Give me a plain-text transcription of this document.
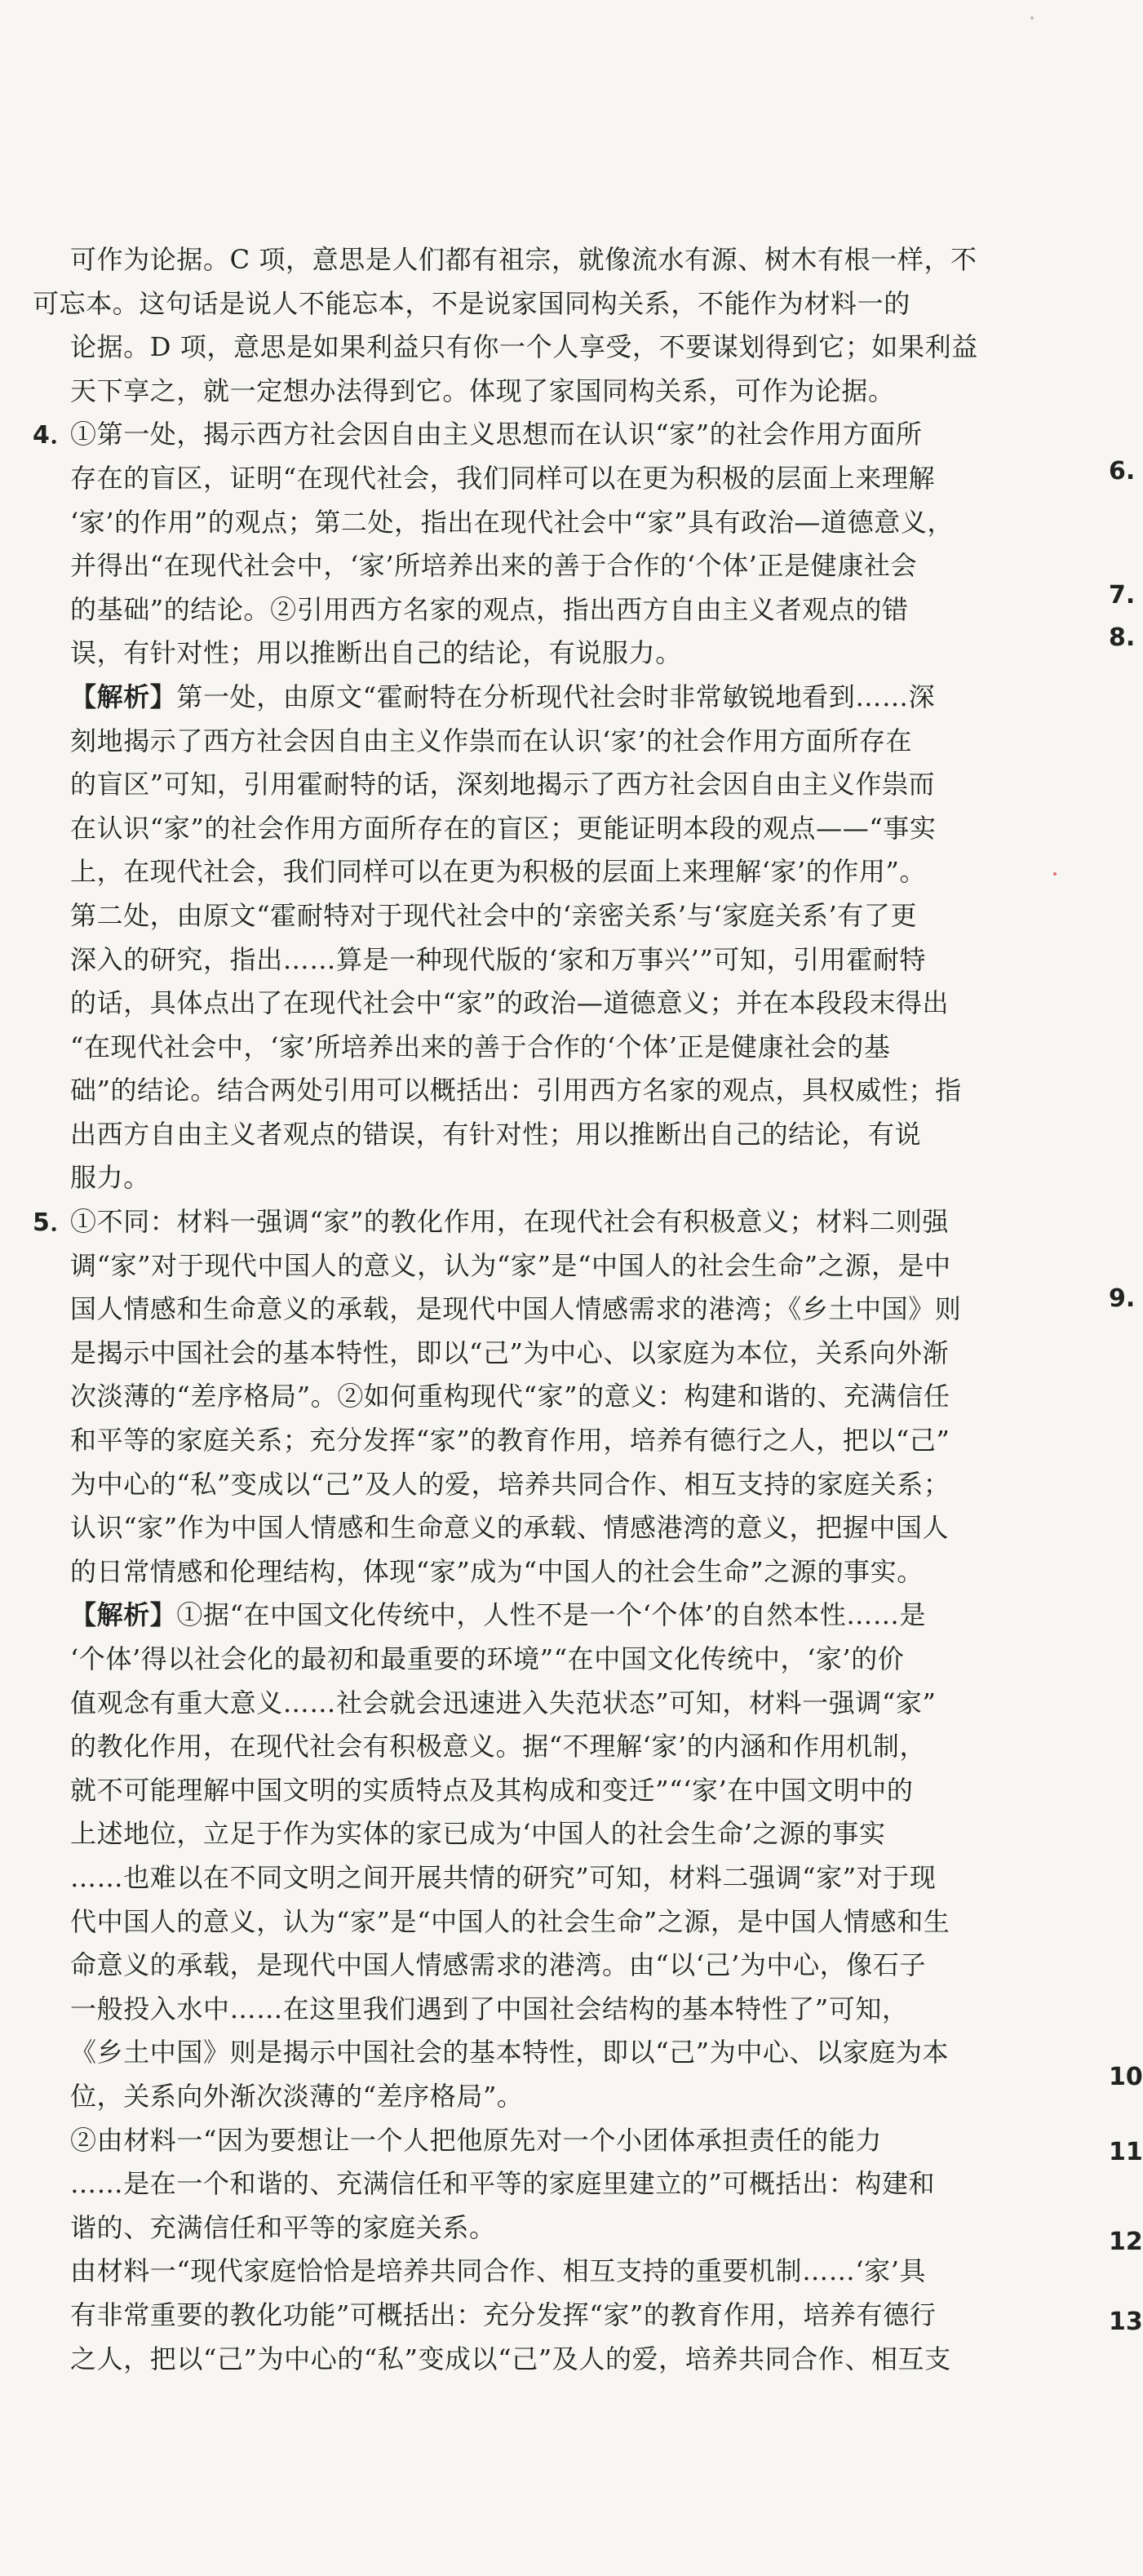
可作为论据。C 项，意思是人们都有祖宗，就像流水有源、树木有根一样，不
可忘本。这句话是说人不能忘本，不是说家国同构关系，不能作为材料一的
论据。D 项，意思是如果利益只有你一个人享受，不要谋划得到它；如果利益
天下享之，就一定想办法得到它。体现了家国同构关系，可作为论据。
4．①第一处，揭示西方社会因自由主义思想而在认识“家”的社会作用方面所
存在的盲区，证明“在现代社会，我们同样可以在更为积极的层面上来理解
‘家’的作用”的观点；第二处，指出在现代社会中“家”具有政治—道德意义，
并得出“在现代社会中，‘家’所培养出来的善于合作的‘个体’正是健康社会
的基础”的结论。②引用西方名家的观点，指出西方自由主义者观点的错
误，有针对性；用以推断出自己的结论，有说服力。
【解析】第一处，由原文“霍耐特在分析现代社会时非常敏锐地看到……深
刻地揭示了西方社会因自由主义作祟而在认识‘家’的社会作用方面所存在
的盲区”可知，引用霍耐特的话，深刻地揭示了西方社会因自由主义作祟而
在认识“家”的社会作用方面所存在的盲区；更能证明本段的观点——“事实
上，在现代社会，我们同样可以在更为积极的层面上来理解‘家’的作用”。
第二处，由原文“霍耐特对于现代社会中的‘亲密关系’与‘家庭关系’有了更
深入的研究，指出……算是一种现代版的‘家和万事兴’”可知，引用霍耐特
的话，具体点出了在现代社会中“家”的政治—道德意义；并在本段段末得出
“在现代社会中，‘家’所培养出来的善于合作的‘个体’正是健康社会的基
础”的结论。结合两处引用可以概括出：引用西方名家的观点，具权威性；指
出西方自由主义者观点的错误，有针对性；用以推断出自己的结论，有说
服力。
5．①不同：材料一强调“家”的教化作用，在现代社会有积极意义；材料二则强
调“家”对于现代中国人的意义，认为“家”是“中国人的社会生命”之源，是中
国人情感和生命意义的承载，是现代中国人情感需求的港湾；《乡土中国》则
是揭示中国社会的基本特性，即以“己”为中心、以家庭为本位，关系向外渐
次淡薄的“差序格局”。②如何重构现代“家”的意义：构建和谐的、充满信任
和平等的家庭关系；充分发挥“家”的教育作用，培养有德行之人，把以“己”
为中心的“私”变成以“己”及人的爱，培养共同合作、相互支持的家庭关系；
认识“家”作为中国人情感和生命意义的承载、情感港湾的意义，把握中国人
的日常情感和伦理结构，体现“家”成为“中国人的社会生命”之源的事实。
【解析】①据“在中国文化传统中，人性不是一个‘个体’的自然本性……是
‘个体’得以社会化的最初和最重要的环境”“在中国文化传统中，‘家’的价
值观念有重大意义……社会就会迅速进入失范状态”可知，材料一强调“家”
的教化作用，在现代社会有积极意义。据“不理解‘家’的内涵和作用机制，
就不可能理解中国文明的实质特点及其构成和变迁”“‘家’在中国文明中的
上述地位，立足于作为实体的家已成为‘中国人的社会生命’之源的事实
……也难以在不同文明之间开展共情的研究”可知，材料二强调“家”对于现
代中国人的意义，认为“家”是“中国人的社会生命”之源，是中国人情感和生
命意义的承载，是现代中国人情感需求的港湾。由“以‘己’为中心，像石子
一般投入水中……在这里我们遇到了中国社会结构的基本特性了”可知，
《乡土中国》则是揭示中国社会的基本特性，即以“己”为中心、以家庭为本
位，关系向外渐次淡薄的“差序格局”。
②由材料一“因为要想让一个人把他原先对一个小团体承担责任的能力
……是在一个和谐的、充满信任和平等的家庭里建立的”可概括出：构建和
谐的、充满信任和平等的家庭关系。
由材料一“现代家庭恰恰是培养共同合作、相互支持的重要机制……‘家’具
有非常重要的教化功能”可概括出：充分发挥“家”的教育作用，培养有德行
之人，把以“己”为中心的“私”变成以“己”及人的爱，培养共同合作、相互支
6.
7.
8.
9.
10
11
12
13
